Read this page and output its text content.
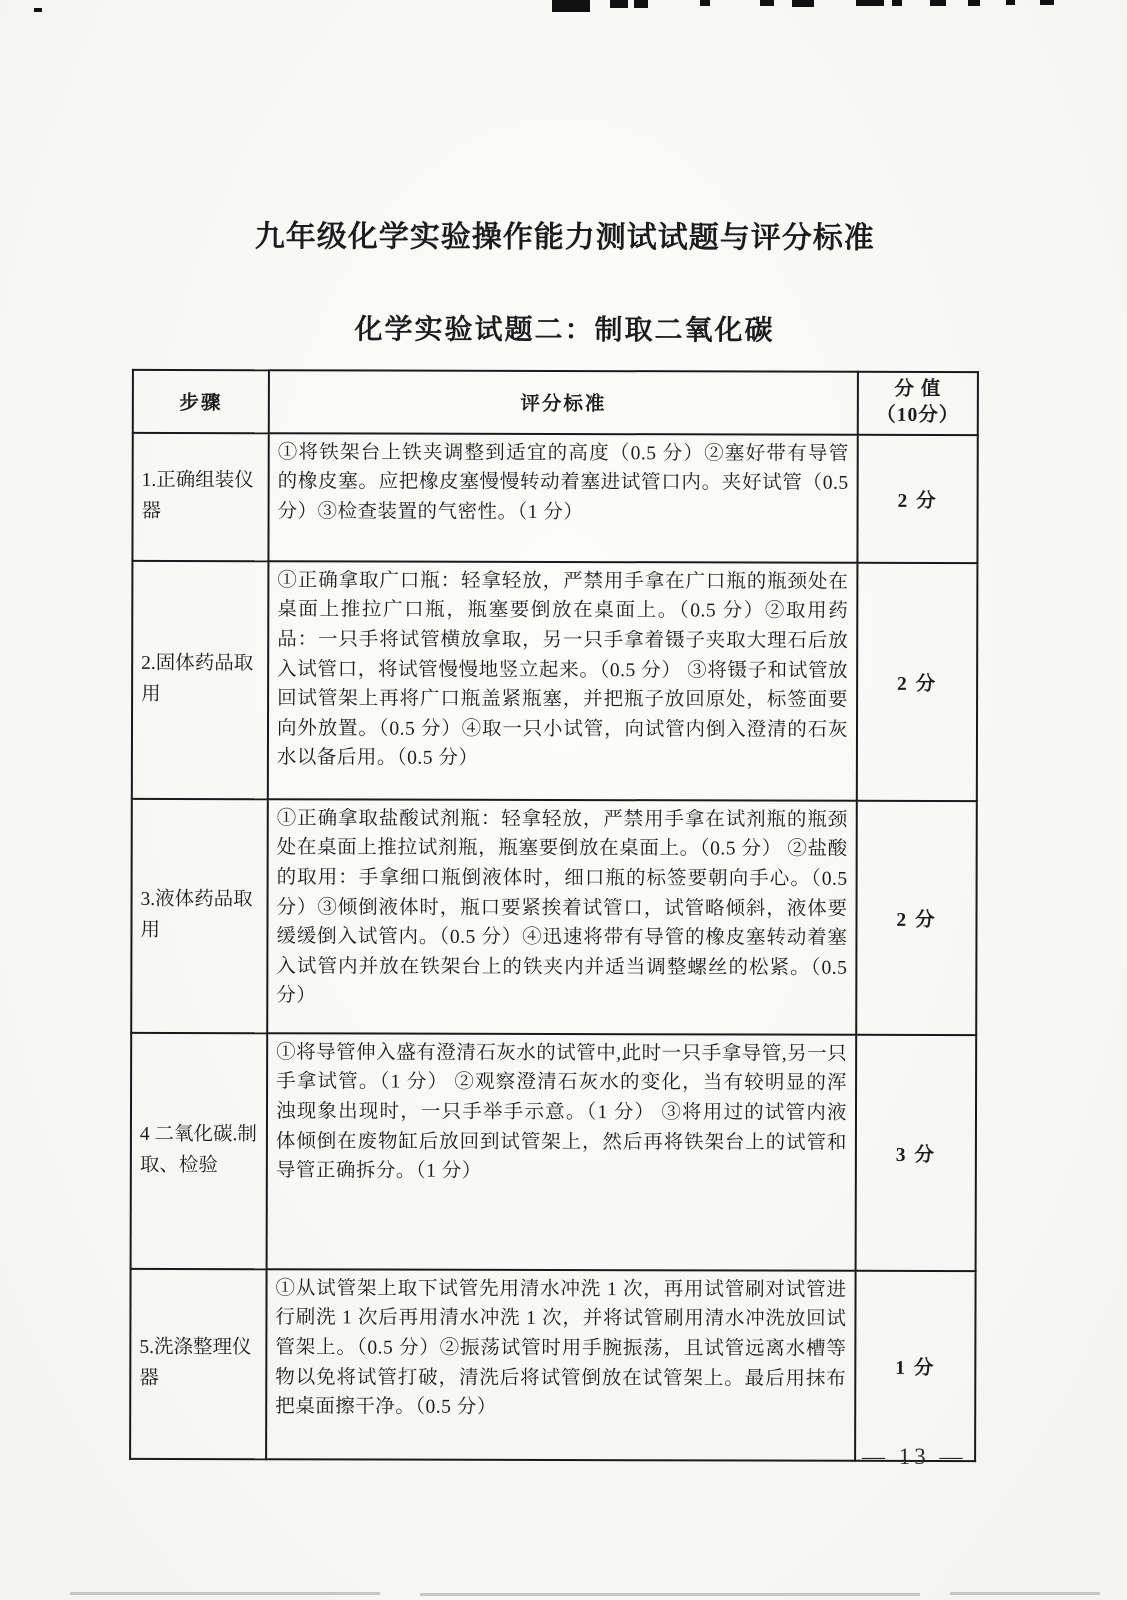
九年级化学实验操作能力测试试题与评分标准
化学实验试题二：制取二氧化碳
步骤	评分标准	分 值
（10分）
1.正确组装仪器	①将铁架台上铁夹调整到适宜的高度（0.5 分）②塞好带有导管的橡皮塞。应把橡皮塞慢慢转动着塞进试管口内。夹好试管（0.5 分）③检查装置的气密性。（1 分）	2 分
2.固体药品取用	①正确拿取广口瓶：轻拿轻放，严禁用手拿在广口瓶的瓶颈处在桌面上推拉广口瓶，瓶塞要倒放在桌面上。（0.5 分）②取用药品：一只手将试管横放拿取，另一只手拿着镊子夹取大理石后放入试管口，将试管慢慢地竖立起来。（0.5 分） ③将镊子和试管放回试管架上再将广口瓶盖紧瓶塞，并把瓶子放回原处，标签面要向外放置。（0.5 分）④取一只小试管，向试管内倒入澄清的石灰水以备后用。（0.5 分）	2 分
3.液体药品取用	①正确拿取盐酸试剂瓶：轻拿轻放，严禁用手拿在试剂瓶的瓶颈处在桌面上推拉试剂瓶，瓶塞要倒放在桌面上。（0.5 分） ②盐酸的取用：手拿细口瓶倒液体时，细口瓶的标签要朝向手心。（0.5 分）③倾倒液体时，瓶口要紧挨着试管口，试管略倾斜，液体要缓缓倒入试管内。（0.5 分）④迅速将带有导管的橡皮塞转动着塞入试管内并放在铁架台上的铁夹内并适当调整螺丝的松紧。（0.5 分）	2 分
4 二氧化碳.制取、检验	①将导管伸入盛有澄清石灰水的试管中,此时一只手拿导管,另一只手拿试管。（1 分） ②观察澄清石灰水的变化，当有较明显的浑浊现象出现时，一只手举手示意。（1 分） ③将用过的试管内液体倾倒在废物缸后放回到试管架上，然后再将铁架台上的试管和导管正确拆分。（1 分）	3 分
5.洗涤整理仪器	①从试管架上取下试管先用清水冲洗 1 次，再用试管刷对试管进行刷洗 1 次后再用清水冲洗 1 次，并将试管刷用清水冲洗放回试管架上。（0.5 分）②振荡试管时用手腕振荡，且试管远离水槽等物以免将试管打破，清洗后将试管倒放在试管架上。最后用抹布把桌面擦干净。（0.5 分）	1 分
— 13 —
